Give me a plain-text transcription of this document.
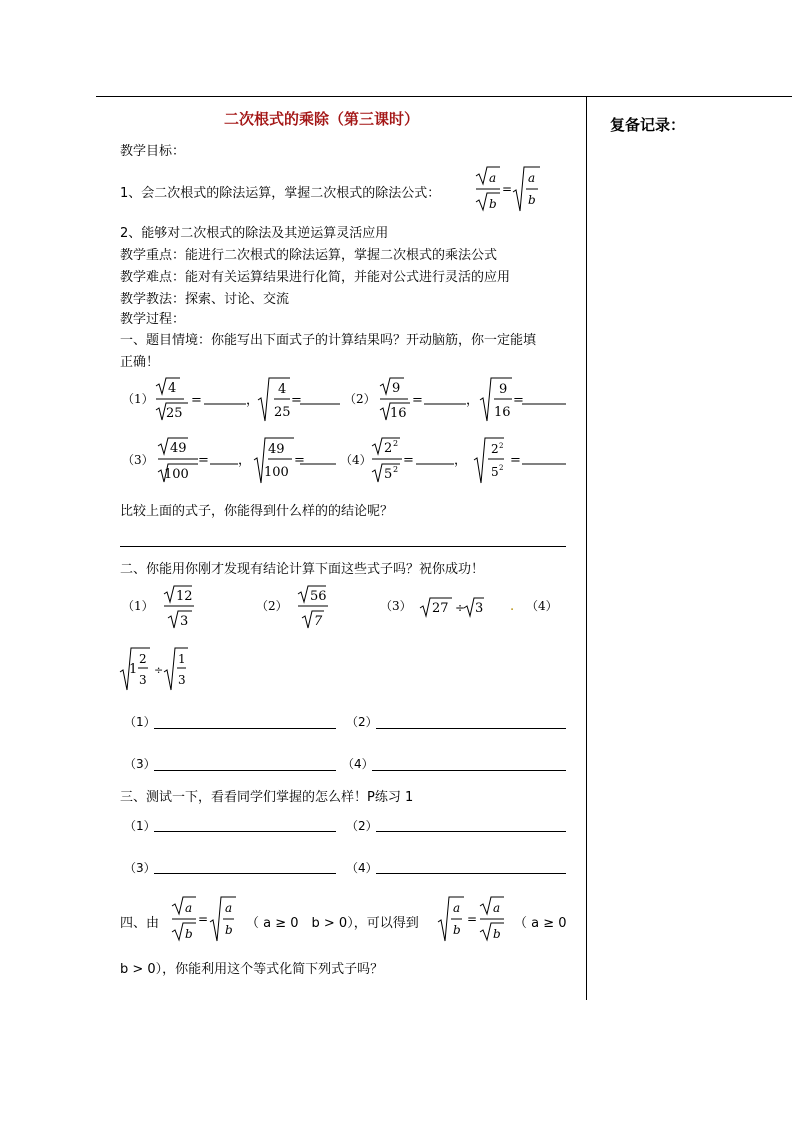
二次根式的乘除（第三课时）	复备记录：
教学目标：
1、会二次根式的除法运算，掌握二次根式的除法公式：
a
b
=
a
b
2、能够对二次根式的除法及其逆运算灵活应用
教学重点：能进行二次根式的除法运算，掌握二次根式的乘法公式
教学难点：能对有关运算结果进行化简，并能对公式进行灵活的应用
教学教法：探索、讨论、交流
教学过程：
一、题目情境：你能写出下面式子的计算结果吗？开动脑筋，你一定能填
正确！
（1）
4
25
=	，
4
25
=	（2）
9
16
=	，
9
16
=
（3）
49
100
= ，
49
100
=	（4）
2 2
5 2
=	，
2 2
5 2 =
比较上面的式子，你能得到什么样的的结论呢？
二、你能用你刚才发现有结论计算下面这些式子吗？祝你成功！
（1）
12
3
（2）
56
7
（3） 27 ÷ 3 . （4）
1
2
3
÷
1
3
（1）	（2）
（3）	（4）
三、测试一下，看看同学们掌握的怎么样！P练习 1
（1）	（2）
（3）	（4）
四、由
a
b
=
a
b （ a ≥ 0　b > 0），可以得到
a
b
=
a
b
（ a ≥ 0
b > 0），你能利用这个等式化简下列式子吗？
